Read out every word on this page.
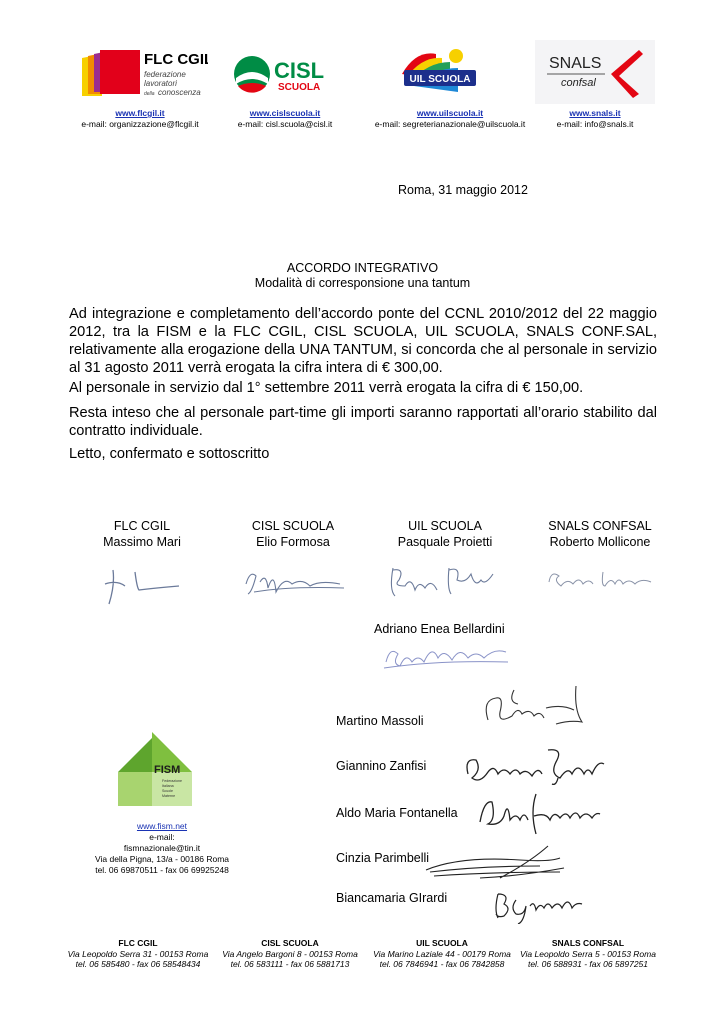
FLC CGIL
federazione
lavoratori
della conoscenza
CISL
SCUOLA
UIL SCUOLA
SNALS
confsal
www.flcgil.it
e-mail: organizzazione@flcgil.it
www.cislscuola.it
e-mail: cisl.scuola@cisl.it
www.uilscuola.it
e-mail: segreterianazionale@uilscuola.it
www.snals.it
e-mail: info@snals.it
Roma, 31 maggio 2012
ACCORDO INTEGRATIVO
Modalità di corresponsione una tantum
Ad integrazione e completamento dell’accordo ponte del CCNL 2010/2012 del 22 maggio 2012, tra la FISM e la FLC CGIL, CISL SCUOLA, UIL SCUOLA, SNALS CONF.SAL, relativamente alla erogazione della UNA TANTUM, si concorda che al personale in servizio al 31 agosto 2011 verrà erogata la cifra intera di € 300,00.
Al personale in servizio dal 1° settembre 2011 verrà erogata la cifra di € 150,00.
Resta inteso che al personale part-time gli importi saranno rapportati all’orario stabilito dal contratto individuale.
Letto, confermato e sottoscritto
FLC CGIL
Massimo Mari
CISL SCUOLA
Elio Formosa
UIL SCUOLA
Pasquale Proietti
SNALS CONFSAL
Roberto Mollicone
Adriano Enea Bellardini
FISM
Federazione
Italiana
Scuole
Materne
www.fism.net
e-mail:
fismnazionale@tin.it
Via della Pigna, 13/a - 00186 Roma
tel. 06 69870511 - fax 06 69925248
Martino Massoli
Giannino Zanfisi
Aldo Maria Fontanella
Cinzia Parimbelli
Biancamaria GIrardi
FLC CGIL
Via Leopoldo Serra 31 - 00153 Roma
tel. 06 585480 - fax 06 58548434
CISL SCUOLA
Via Angelo Bargoni 8 - 00153 Roma
tel. 06 583111 - fax 06 5881713
UIL SCUOLA
Via Marino Laziale 44 - 00179 Roma
tel. 06 7846941 - fax 06 7842858
SNALS CONFSAL
Via Leopoldo Serra 5 - 00153 Roma
tel. 06 588931 - fax 06 5897251
